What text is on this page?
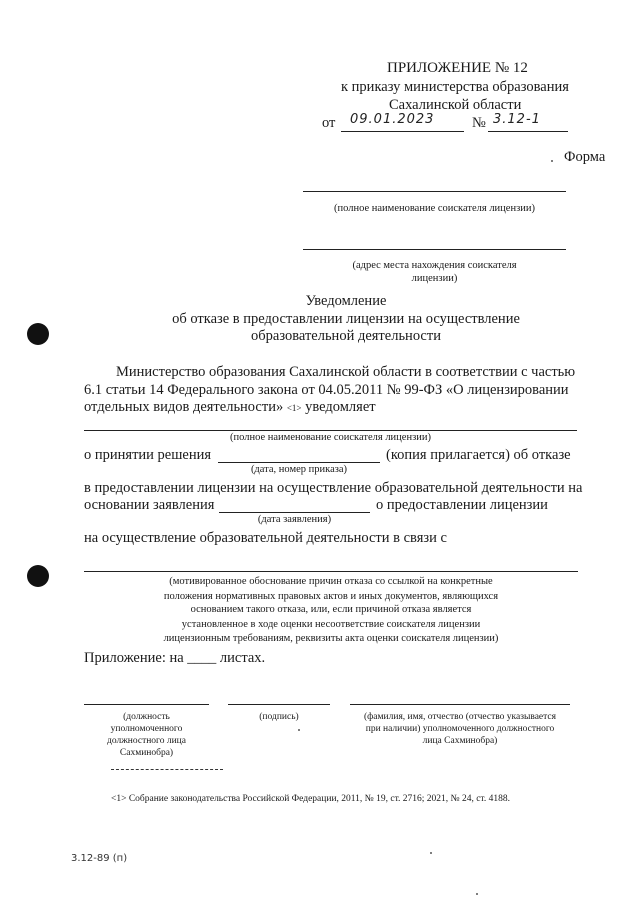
ПРИЛОЖЕНИЕ № 12
к приказу министерства образования
Сахалинской области
от 09.01.2023	№ 3.12-1
Форма
(полное наименование соискателя лицензии)
(адрес места нахождения соискателя
лицензии)
Уведомление
об отказе в предоставлении лицензии на осуществление
образовательной деятельности
Министерство образования Сахалинской области в соответствии с частью
6.1 статьи 14 Федерального закона от 04.05.2011 № 99-ФЗ «О лицензировании
отдельных видов деятельности» <1> уведомляет
(полное наименование соискателя лицензии)
о принятии решения	(копия прилагается) об отказе
(дата, номер приказа)
в предоставлении лицензии на осуществление образовательной деятельности на
основании заявления	о предоставлении лицензии
(дата заявления)
на осуществление образовательной деятельности в связи с
(мотивированное обоснование причин отказа со ссылкой на конкретные
положения нормативных правовых актов и иных документов, являющихся
основанием такого отказа, или, если причиной отказа является
установленное в ходе оценки несоответствие соискателя лицензии
лицензионным требованиям, реквизиты акта оценки соискателя лицензии)
Приложение: на ____ листах.
(должность
уполномоченного
должностного лица
Сахминобра)
(подпись)	(фамилия, имя, отчество (отчество указывается
при наличии) уполномоченного должностного
лица Сахминобра)
<1> Собрание законодательства Российской Федерации, 2011, № 19, ст. 2716; 2021, № 24, ст. 4188.
3.12-89 (п)
